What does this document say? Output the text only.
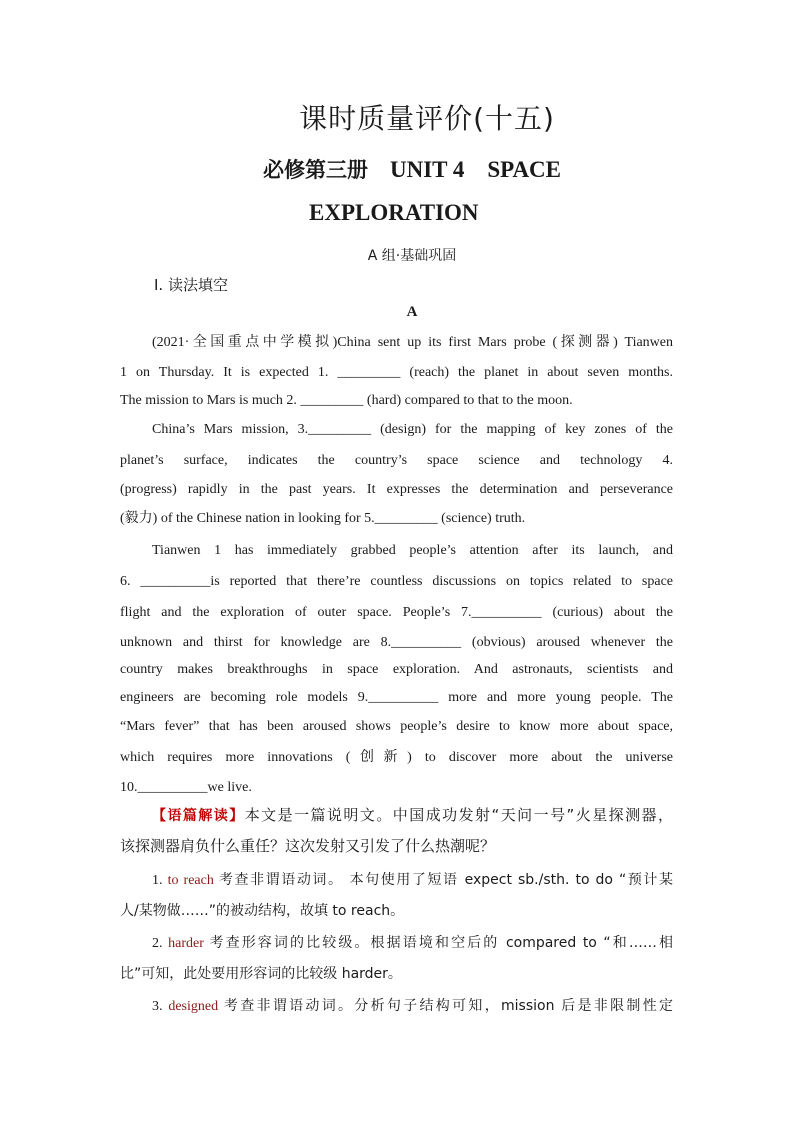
课时质量评价(十五)
必修第三册 UNIT 4    SPACE
EXPLORATION
A 组·基础巩固
Ⅰ. 读法填空
A
(2021·全国重点中学模拟)China sent up its first Mars probe (探测器) Tianwen
1 on Thursday. It is expected 1. _________ (reach) the planet in about seven months.
The mission to Mars is much 2. _________ (hard) compared to that to the moon.
China’s Mars mission, 3._________ (design) for the mapping of key zones of the
planet’s surface, indicates the country’s space science and technology 4.
(progress) rapidly in the past years. It expresses the determination and perseverance
(毅力) of the Chinese nation in looking for 5._________ (science) truth.
Tianwen 1 has immediately grabbed people’s attention after its launch, and
6. __________is reported that there’re countless discussions on topics related to space
flight and the exploration of outer space. People’s 7.__________ (curious) about the
unknown and thirst for knowledge are 8.__________ (obvious) aroused whenever the
country makes breakthroughs in space exploration. And astronauts, scientists and
engineers are becoming role models 9.__________ more and more young people. The
“Mars fever” that has been aroused shows people’s desire to know more about space,
which requires more innovations (创新) to discover more about the universe
10.__________we live.
【语篇解读】本文是一篇说明文。中国成功发射“天问一号”火星探测器，
该探测器肩负什么重任？这次发射又引发了什么热潮呢？
1. to reach 考查非谓语动词。 本句使用了短语 expect sb./sth. to do “预计某
人/某物做……”的被动结构，故填 to reach。
2. harder 考查形容词的比较级。根据语境和空后的 compared to “和……相
比”可知，此处要用形容词的比较级 harder。
3. designed 考查非谓语动词。分析句子结构可知，mission 后是非限制性定
